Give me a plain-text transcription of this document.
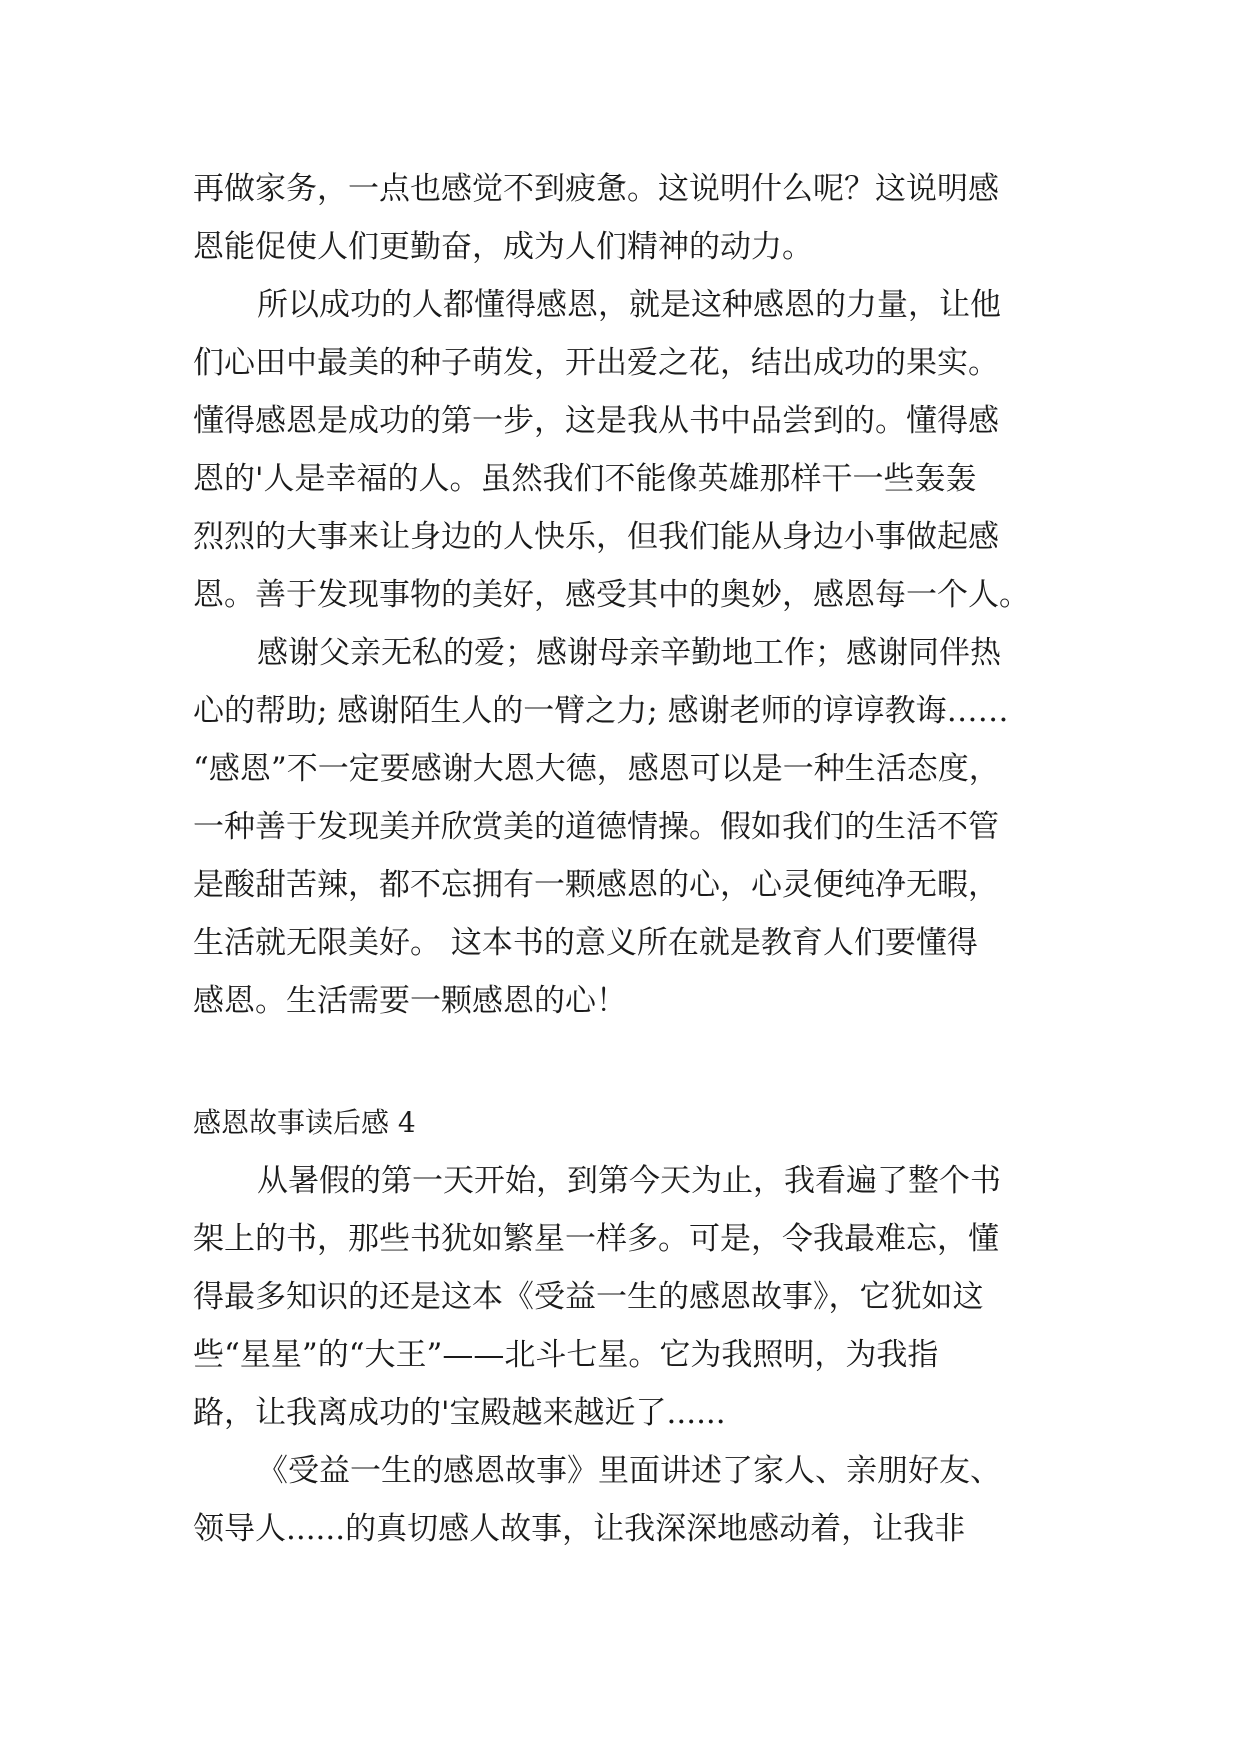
再做家务，一点也感觉不到疲惫。这说明什么呢？这说明感
恩能促使人们更勤奋，成为人们精神的动力。
所以成功的人都懂得感恩，就是这种感恩的力量，让他
们心田中最美的种子萌发，开出爱之花，结出成功的果实。
懂得感恩是成功的第一步，这是我从书中品尝到的。懂得感
恩的'人是幸福的人。虽然我们不能像英雄那样干一些轰轰
烈烈的大事来让身边的人快乐，但我们能从身边小事做起感
恩。善于发现事物的美好，感受其中的奥妙，感恩每一个人。
感谢父亲无私的爱；感谢母亲辛勤地工作；感谢同伴热
心的帮助; 感谢陌生人的一臂之力; 感谢老师的谆谆教诲……
“感恩”不一定要感谢大恩大德，感恩可以是一种生活态度，
一种善于发现美并欣赏美的道德情操。假如我们的生活不管
是酸甜苦辣，都不忘拥有一颗感恩的心，心灵便纯净无暇，
生活就无限美好。 这本书的意义所在就是教育人们要懂得
感恩。生活需要一颗感恩的心！
感恩故事读后感 4
从暑假的第一天开始，到第今天为止，我看遍了整个书
架上的书，那些书犹如繁星一样多。可是，令我最难忘，懂
得最多知识的还是这本《受益一生的感恩故事》，它犹如这
些“星星”的“大王”——北斗七星。它为我照明，为我指
路，让我离成功的'宝殿越来越近了......
《受益一生的感恩故事》里面讲述了家人、亲朋好友、
领导人......的真切感人故事，让我深深地感动着，让我非
